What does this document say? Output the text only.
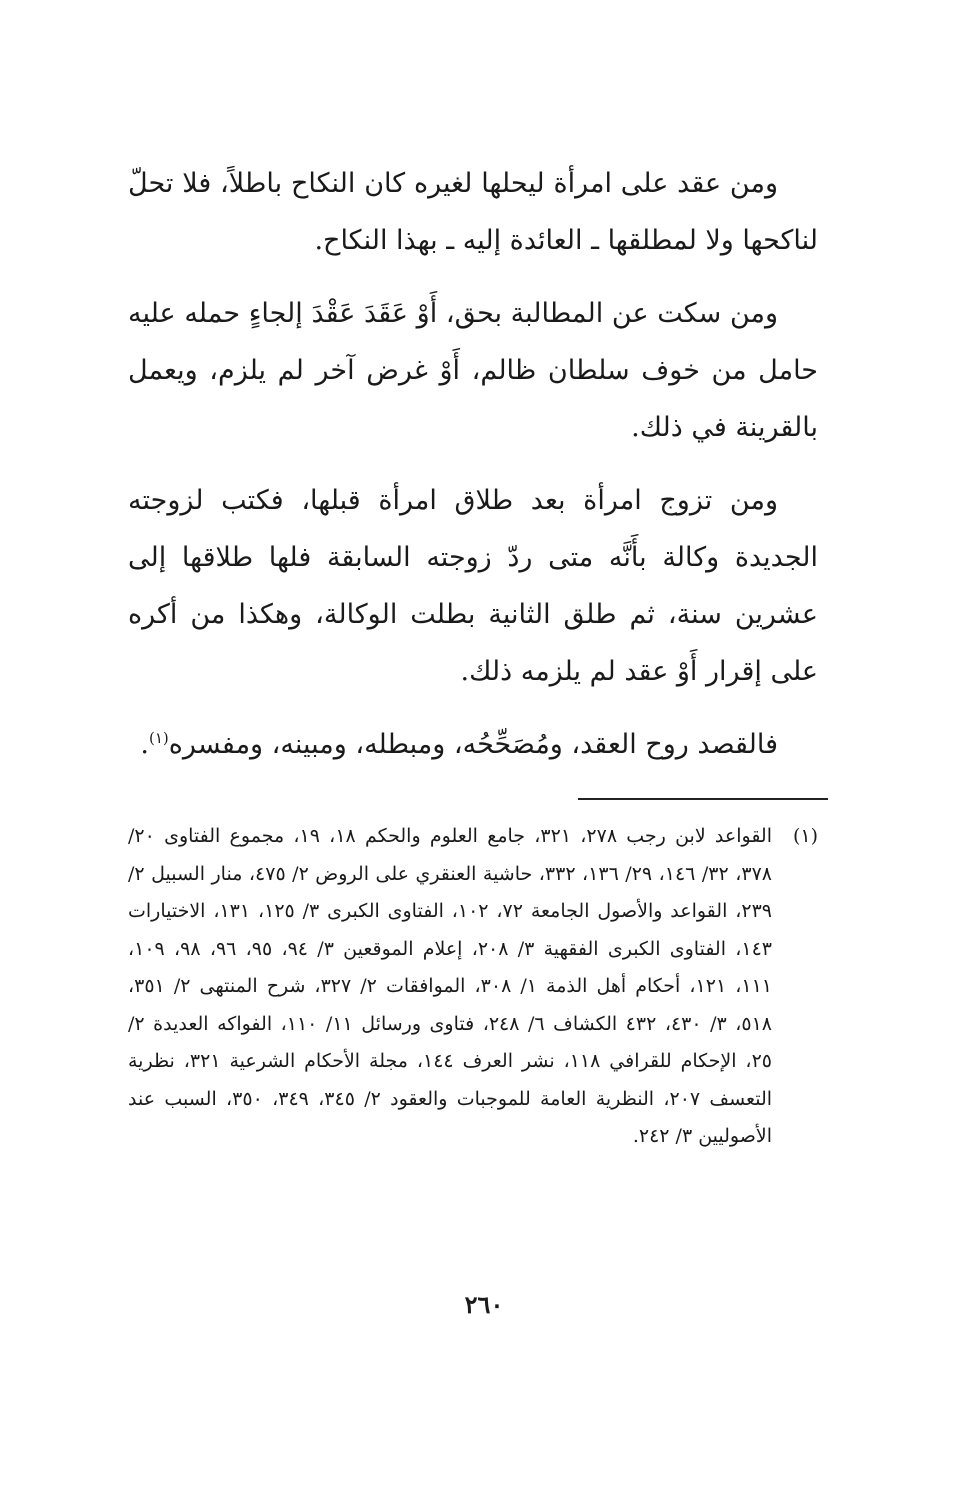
ومن عقد على امرأة ليحلها لغيره كان النكاح باطلاً، فلا تحلّ لناكحها ولا لمطلقها ـ العائدة إليه ـ بهذا النكاح.

ومن سكت عن المطالبة بحق، أَوْ عَقَدَ عَقْدَ إلجاءٍ حمله عليه حامل من خوف سلطان ظالم، أَوْ غرض آخر لم يلزم، ويعمل بالقرينة في ذلك.

ومن تزوج امرأة بعد طلاق امرأة قبلها، فكتب لزوجته الجديدة وكالة بأَنَّه متى ردّ زوجته السابقة فلها طلاقها إلى عشرين سنة، ثم طلق الثانية بطلت الوكالة، وهكذا من أكره على إقرار أَوْ عقد لم يلزمه ذلك.

فالقصد روح العقد، ومُصَحِّحُه، ومبطله، ومبينه، ومفسره$^{(١)}$.

(١)
القواعد لابن رجب ٢٧٨، ٣٢١، جامع العلوم والحكم ١٨، ١٩، مجموع الفتاوى ٢٠/ ٣٧٨، ٣٢/ ١٤٦، ٢٩/ ١٣٦، ٣٣٢، حاشية العنقري على الروض ٢/ ٤٧٥، منار السبيل ٢/ ٢٣٩، القواعد والأصول الجامعة ٧٢، ١٠٢، الفتاوى الكبرى ٣/ ١٢٥، ١٣١، الاختيارات ١٤٣، الفتاوى الكبرى الفقهية ٣/ ٢٠٨، إعلام الموقعين ٣/ ٩٤، ٩٥، ٩٦، ٩٨، ١٠٩، ١١١، ١٢١، أحكام أهل الذمة ١/ ٣٠٨، الموافقات ٢/ ٣٢٧، شرح المنتهى ٢/ ٣٥١، ٥١٨، ٣/ ٤٣٠، ٤٣٢ الكشاف ٦/ ٢٤٨، فتاوى ورسائل ١١/ ١١٠، الفواكه العديدة ٢/ ٢٥، الإحكام للقرافي ١١٨، نشر العرف ١٤٤، مجلة الأحكام الشرعية ٣٢١، نظرية التعسف ٢٠٧، النظرية العامة للموجبات والعقود ٢/ ٣٤٥، ٣٤٩، ٣٥٠، السبب عند الأصوليين ٣/ ٢٤٢.
٢٦٠
